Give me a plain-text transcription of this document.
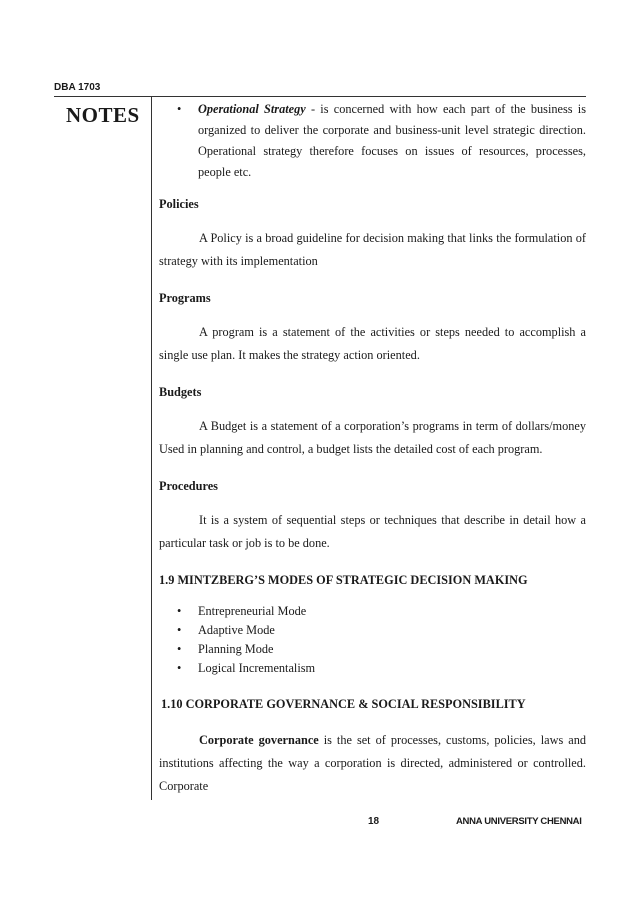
DBA 1703
NOTES	• Operational Strategy - is concerned with how each part of the business is organized to deliver the corporate and business-unit level strategic direction. Operational strategy therefore focuses on issues of resources, processes, people etc.

Policies

A Policy is a broad guideline for decision making that links the formulation of strategy with its implementation

Programs

A program is a statement of the activities or steps needed to accomplish a single use plan. It makes the strategy action oriented.

Budgets

A Budget is a statement of a corporation’s programs in term of dollars/money Used in planning and control, a budget lists the detailed cost of each program.

Procedures

It is a system of sequential steps or techniques that describe in detail how a particular task or job is to be done.

1.9 MINTZBERG’S MODES OF STRATEGIC DECISION MAKING

• Entrepreneurial Mode
• Adaptive Mode
• Planning Mode
• Logical Incrementalism

1.10 CORPORATE GOVERNANCE & SOCIAL RESPONSIBILITY

Corporate governance is the set of processes, customs, policies, laws and institutions affecting the way a corporation is directed, administered or controlled. Corporate

18	ANNA UNIVERSITY CHENNAI
